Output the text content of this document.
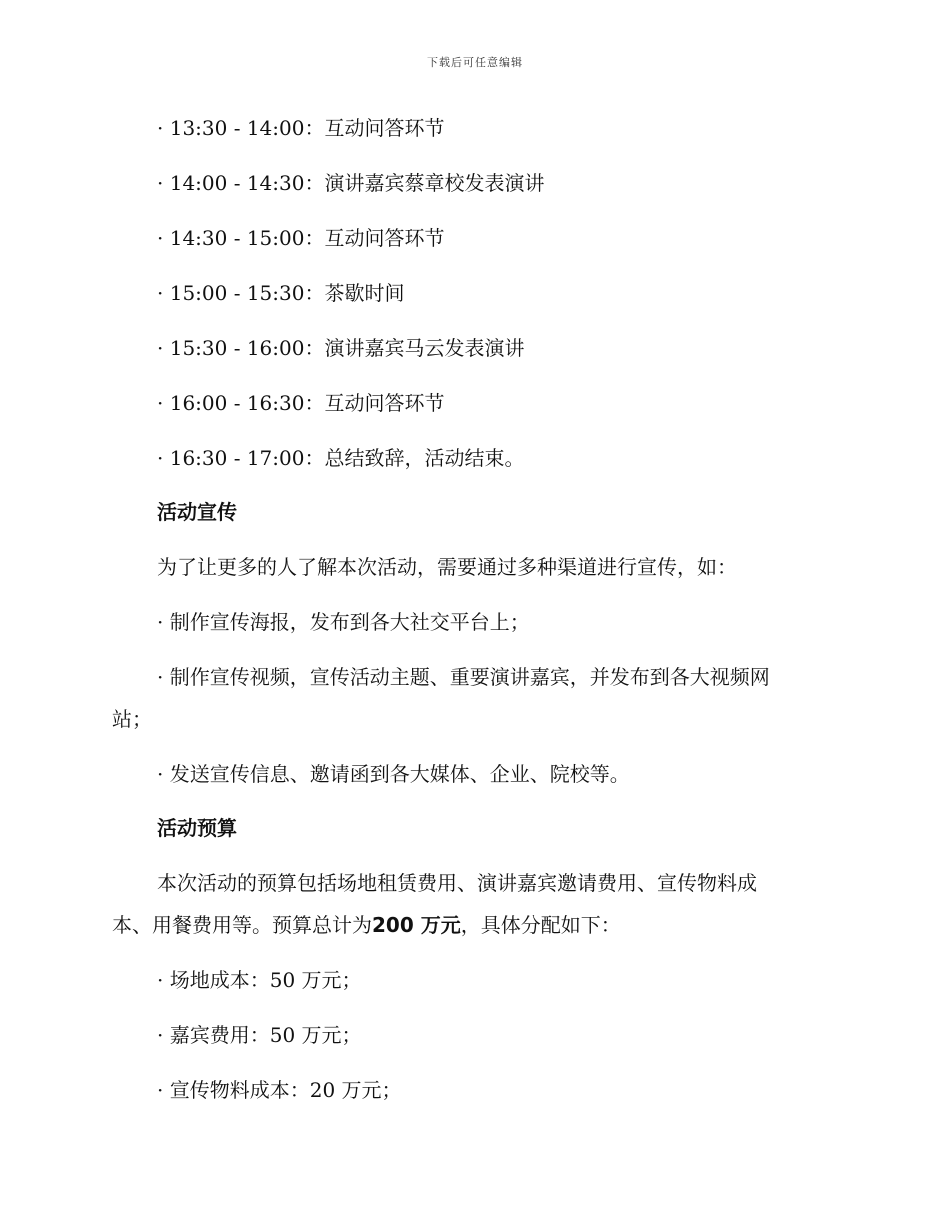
下载后可任意编辑
· 13:30 - 14:00：互动问答环节
· 14:00 - 14:30：演讲嘉宾蔡章校发表演讲
· 14:30 - 15:00：互动问答环节
· 15:00 - 15:30：茶歇时间
· 15:30 - 16:00：演讲嘉宾马云发表演讲
· 16:00 - 16:30：互动问答环节
· 16:30 - 17:00：总结致辞，活动结束。
活动宣传
为了让更多的人了解本次活动，需要通过多种渠道进行宣传，如：
· 制作宣传海报，发布到各大社交平台上；
· 制作宣传视频，宣传活动主题、重要演讲嘉宾，并发布到各大视频网
站；
· 发送宣传信息、邀请函到各大媒体、企业、院校等。
活动预算
本次活动的预算包括场地租赁费用、演讲嘉宾邀请费用、宣传物料成
本、用餐费用等。预算总计为200 万元，具体分配如下：
· 场地成本：50 万元；
· 嘉宾费用：50 万元；
· 宣传物料成本：20 万元；
